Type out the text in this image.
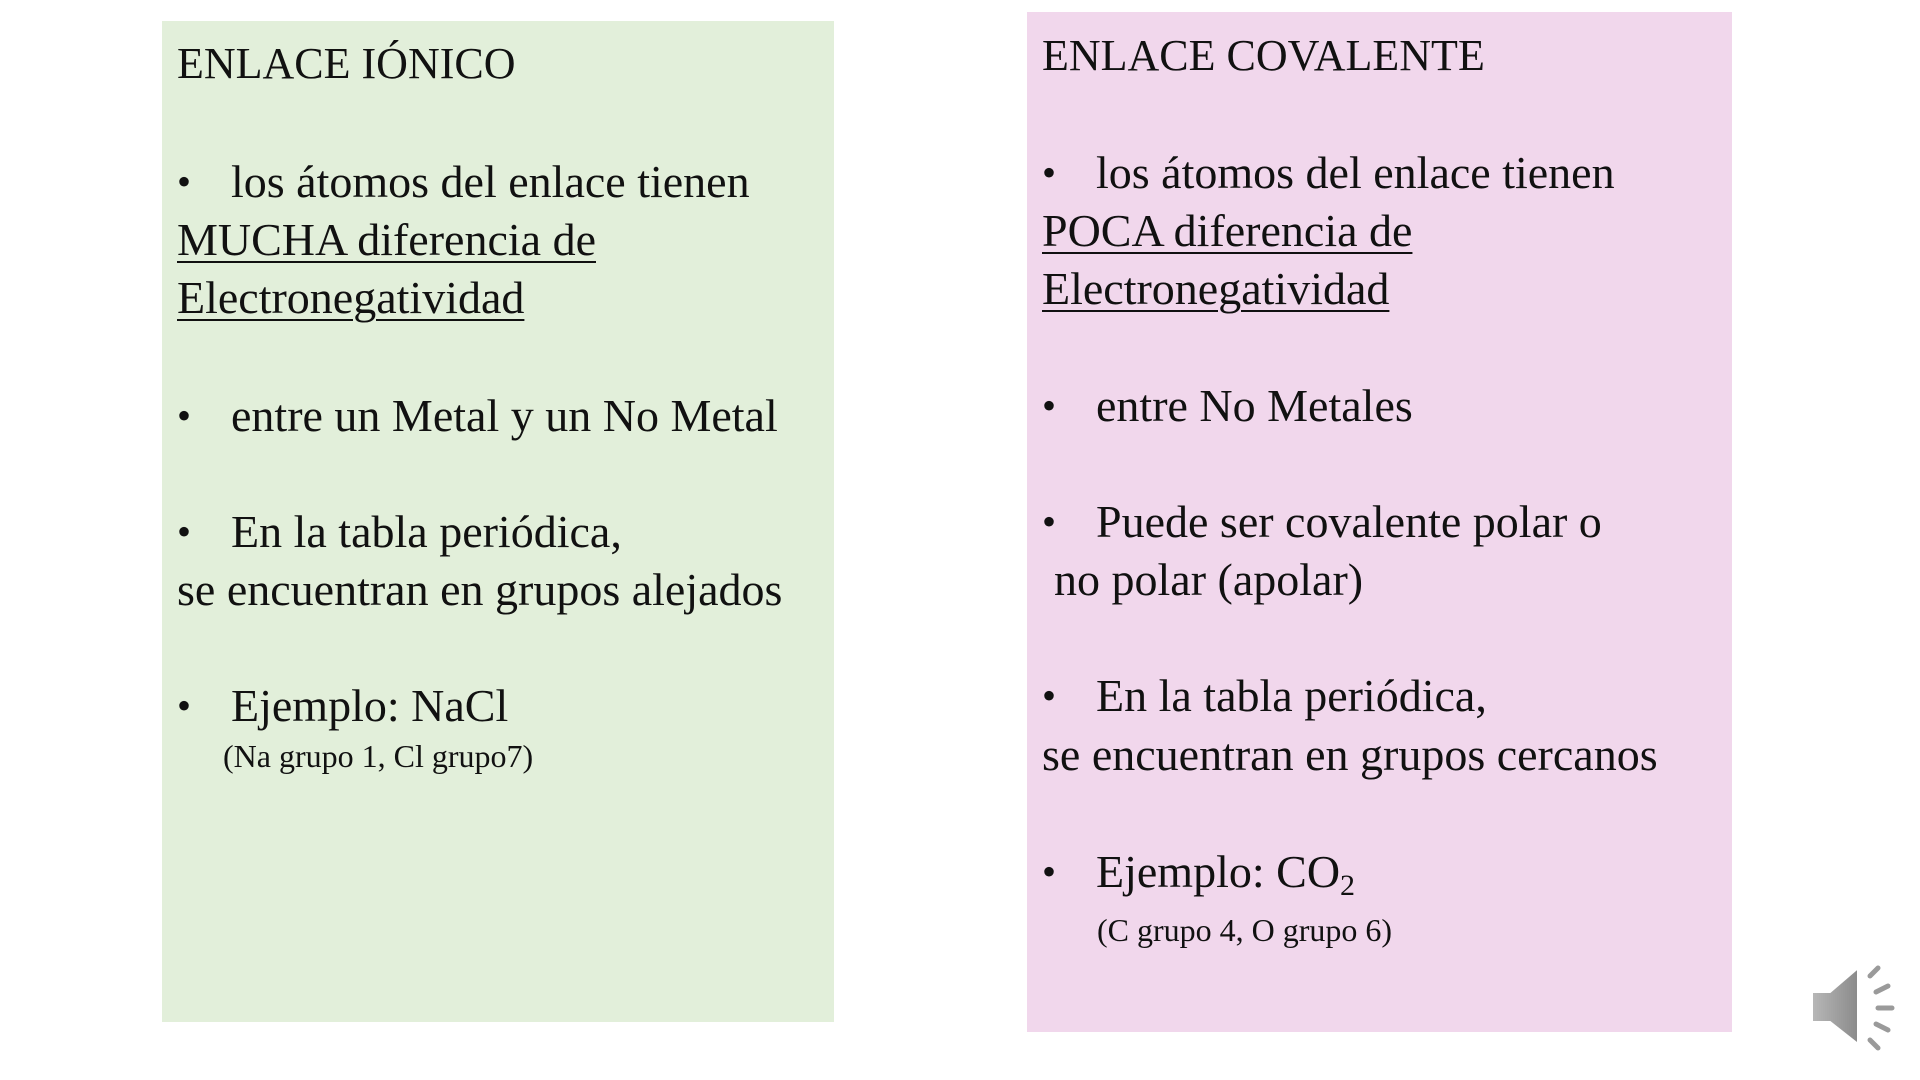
ENLACE IÓNICO
• los átomos del enlace tienen
MUCHA diferencia de
Electronegatividad
• entre un Metal y un No Metal
• En la tabla periódica,
se encuentran en grupos alejados
• Ejemplo: NaCl
(Na grupo 1, Cl grupo7)
ENLACE COVALENTE
• los átomos del enlace tienen
POCA diferencia de
Electronegatividad
• entre No Metales
• Puede ser covalente polar o
no polar (apolar)
• En la tabla periódica,
se encuentran en grupos cercanos
• Ejemplo: $CO_2$
(C grupo 4, O grupo 6)
